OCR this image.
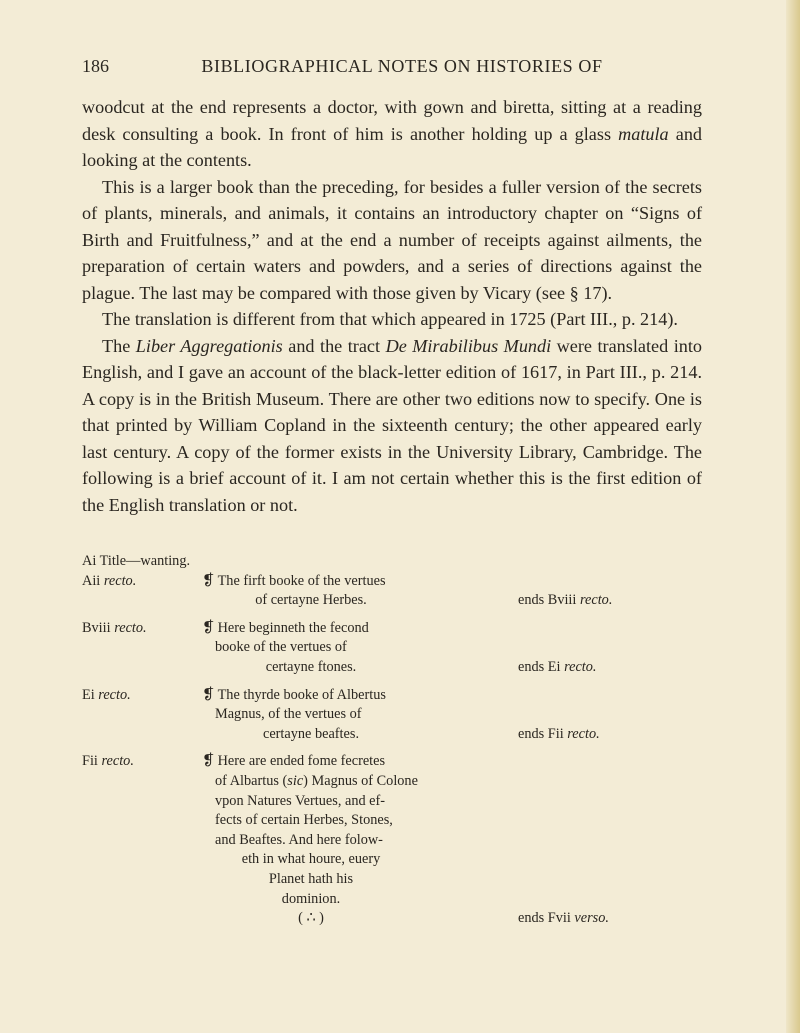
186	BIBLIOGRAPHICAL NOTES ON HISTORIES OF

woodcut at the end represents a doctor, with gown and biretta, sitting at a reading desk consulting a book. In front of him is another holding up a glass matula and looking at the contents.

This is a larger book than the preceding, for besides a fuller version of the secrets of plants, minerals, and animals, it contains an introductory chapter on “Signs of Birth and Fruitfulness,” and at the end a number of receipts against ailments, the preparation of certain waters and powders, and a series of directions against the plague. The last may be compared with those given by Vicary (see § 17).

The translation is different from that which appeared in 1725 (Part III., p. 214).

The Liber Aggregationis and the tract De Mirabilibus Mundi were translated into English, and I gave an account of the black-letter edition of 1617, in Part III., p. 214. A copy is in the British Museum. There are other two editions now to specify. One is that printed by William Copland in the sixteenth century; the other appeared early last century. A copy of the former exists in the University Library, Cambridge. The following is a brief account of it. I am not certain whether this is the first edition of the English translation or not.

Ai Title—wanting.

Aii recto.	❡ The firft booke of the vertues
of certayne Herbes.	ends Bviii recto.
Bviii recto.	❡ Here beginneth the fecond
booke of the vertues of
certayne ftones.	ends Ei recto.
Ei recto.	❡ The thyrde booke of Albertus
Magnus, of the vertues of
certayne beaftes.	ends Fii recto.
Fii recto.	❡ Here are ended fome fecretes
of Albartus (sic) Magnus of Colone
vpon Natures Vertues, and ef-
fects of certain Herbes, Stones,
and Beaftes. And here folow-
eth in what houre, euery
Planet hath his
dominion.
( ∴ )	ends Fvii verso.
